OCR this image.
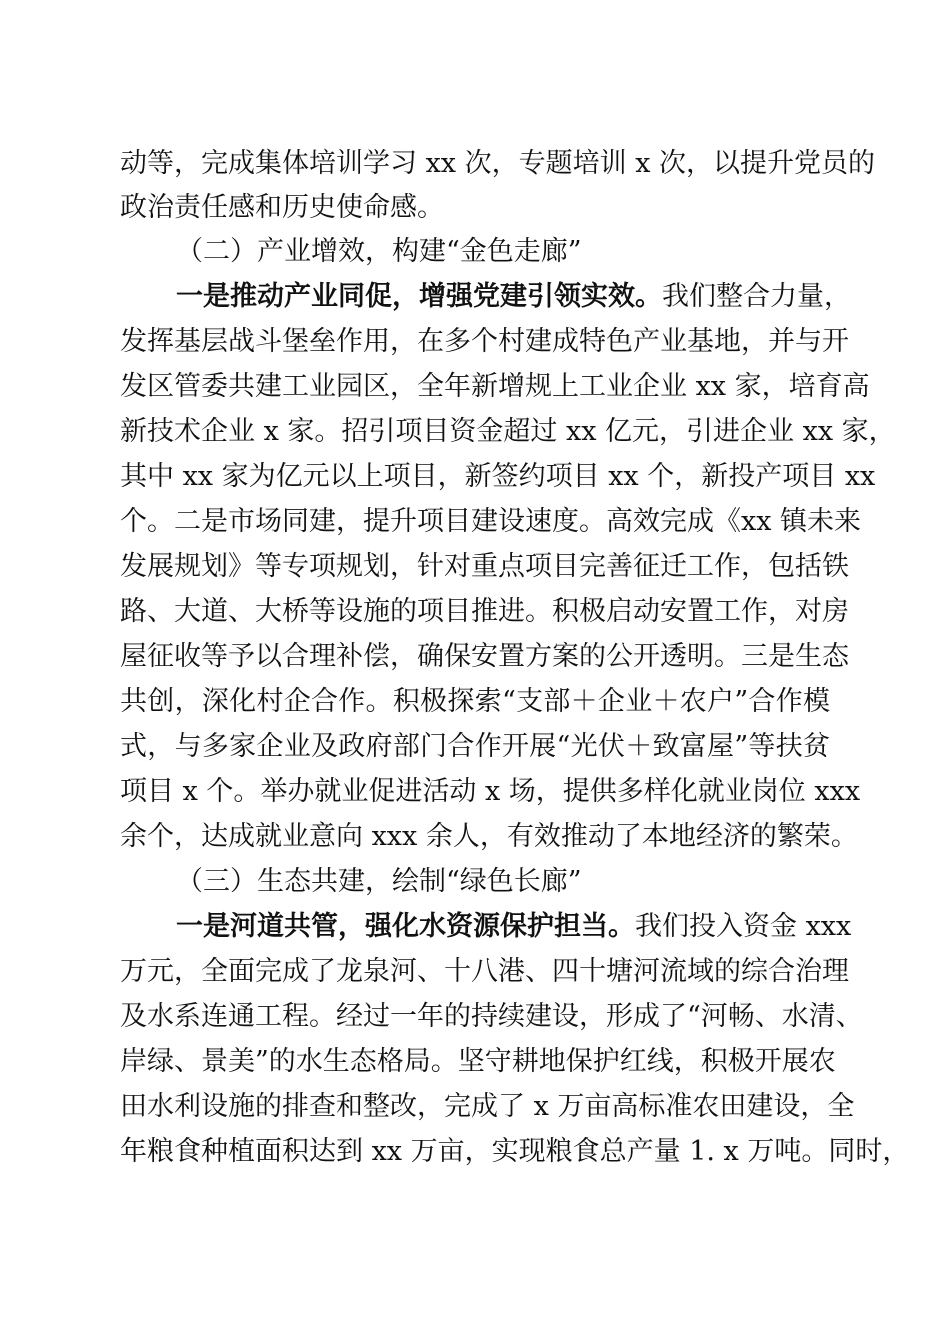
动等，完成集体培训学习 xx 次，专题培训 x 次，以提升党员的
政治责任感和历史使命感。
（二）产业增效，构建“金色走廊”
一是推动产业同促，增强党建引领实效。我们整合力量，
发挥基层战斗堡垒作用，在多个村建成特色产业基地，并与开
发区管委共建工业园区，全年新增规上工业企业 xx 家，培育高
新技术企业 x 家。招引项目资金超过 xx 亿元，引进企业 xx 家，
其中 xx 家为亿元以上项目，新签约项目 xx 个，新投产项目 xx
个。二是市场同建，提升项目建设速度。高效完成《xx 镇未来
发展规划》等专项规划，针对重点项目完善征迁工作，包括铁
路、大道、大桥等设施的项目推进。积极启动安置工作，对房
屋征收等予以合理补偿，确保安置方案的公开透明。三是生态
共创，深化村企合作。积极探索“支部＋企业＋农户”合作模
式，与多家企业及政府部门合作开展“光伏＋致富屋”等扶贫
项目 x 个。举办就业促进活动 x 场，提供多样化就业岗位 xxx
余个，达成就业意向 xxx 余人，有效推动了本地经济的繁荣。
（三）生态共建，绘制“绿色长廊”
一是河道共管，强化水资源保护担当。我们投入资金 xxx
万元，全面完成了龙泉河、十八港、四十塘河流域的综合治理
及水系连通工程。经过一年的持续建设，形成了“河畅、水清、
岸绿、景美”的水生态格局。坚守耕地保护红线，积极开展农
田水利设施的排查和整改，完成了 x 万亩高标准农田建设，全
年粮食种植面积达到 xx 万亩，实现粮食总产量 1. x 万吨。同时，
